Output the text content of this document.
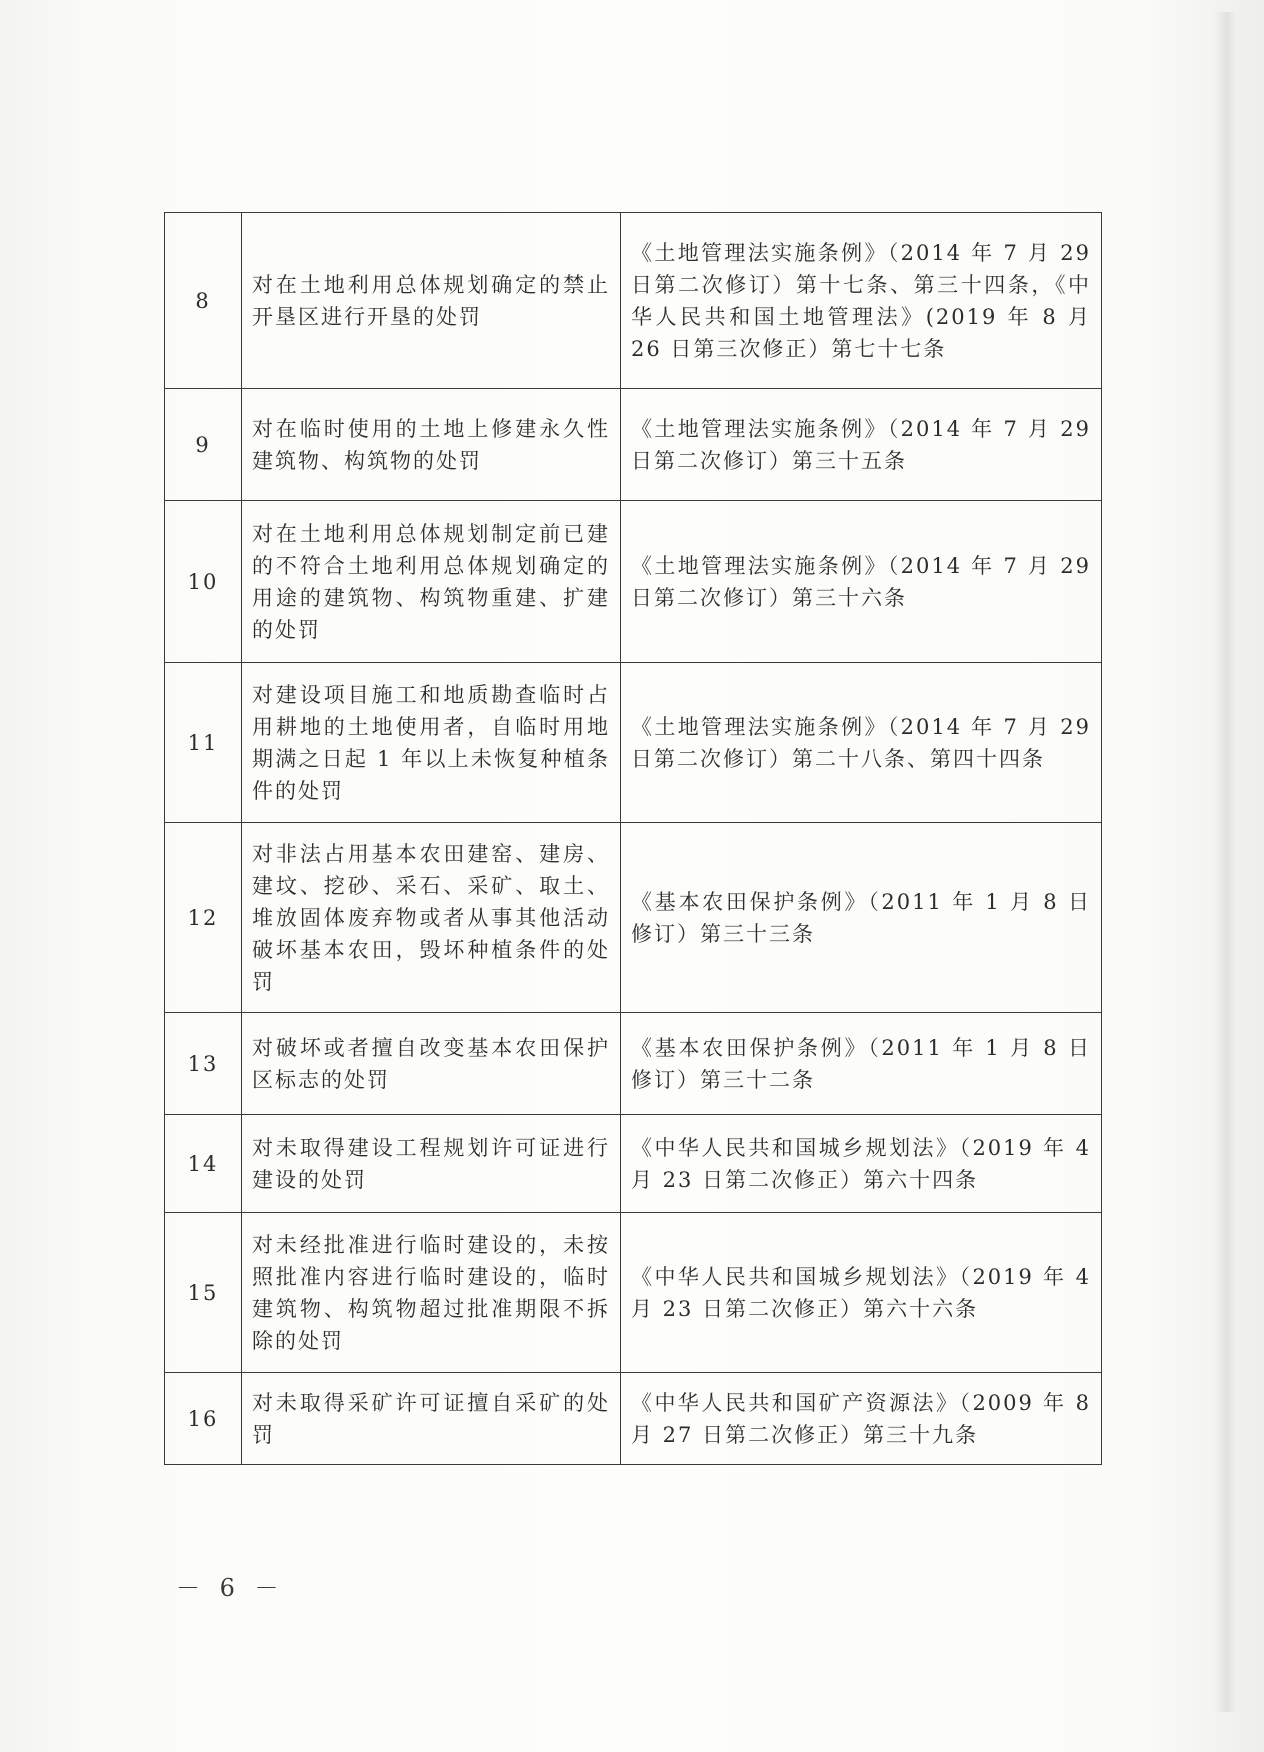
8	对在土地利用总体规划确定的禁止开垦区进行开垦的处罚	《土地管理法实施条例》（2014 年 7 月 29 日第二次修订）第十七条、第三十四条，《中华人民共和国土地管理法》(2019 年 8 月 26 日第三次修正）第七十七条
9	对在临时使用的土地上修建永久性建筑物、构筑物的处罚	《土地管理法实施条例》（2014 年 7 月 29 日第二次修订）第三十五条
10	对在土地利用总体规划制定前已建的不符合土地利用总体规划确定的用途的建筑物、构筑物重建、扩建的处罚	《土地管理法实施条例》（2014 年 7 月 29 日第二次修订）第三十六条
11	对建设项目施工和地质勘查临时占用耕地的土地使用者，自临时用地期满之日起 1 年以上未恢复种植条件的处罚	《土地管理法实施条例》（2014 年 7 月 29 日第二次修订）第二十八条、第四十四条
12	对非法占用基本农田建窑、建房、建坟、挖砂、采石、采矿、取土、堆放固体废弃物或者从事其他活动破坏基本农田，毁坏种植条件的处罚	《基本农田保护条例》（2011 年 1 月 8 日修订）第三十三条
13	对破坏或者擅自改变基本农田保护区标志的处罚	《基本农田保护条例》（2011 年 1 月 8 日修订）第三十二条
14	对未取得建设工程规划许可证进行建设的处罚	《中华人民共和国城乡规划法》（2019 年 4 月 23 日第二次修正）第六十四条
15	对未经批准进行临时建设的，未按照批准内容进行临时建设的，临时建筑物、构筑物超过批准期限不拆除的处罚	《中华人民共和国城乡规划法》（2019 年 4 月 23 日第二次修正）第六十六条
16	对未取得采矿许可证擅自采矿的处罚	《中华人民共和国矿产资源法》（2009 年 8 月 27 日第二次修正）第三十九条
－ 6 －
